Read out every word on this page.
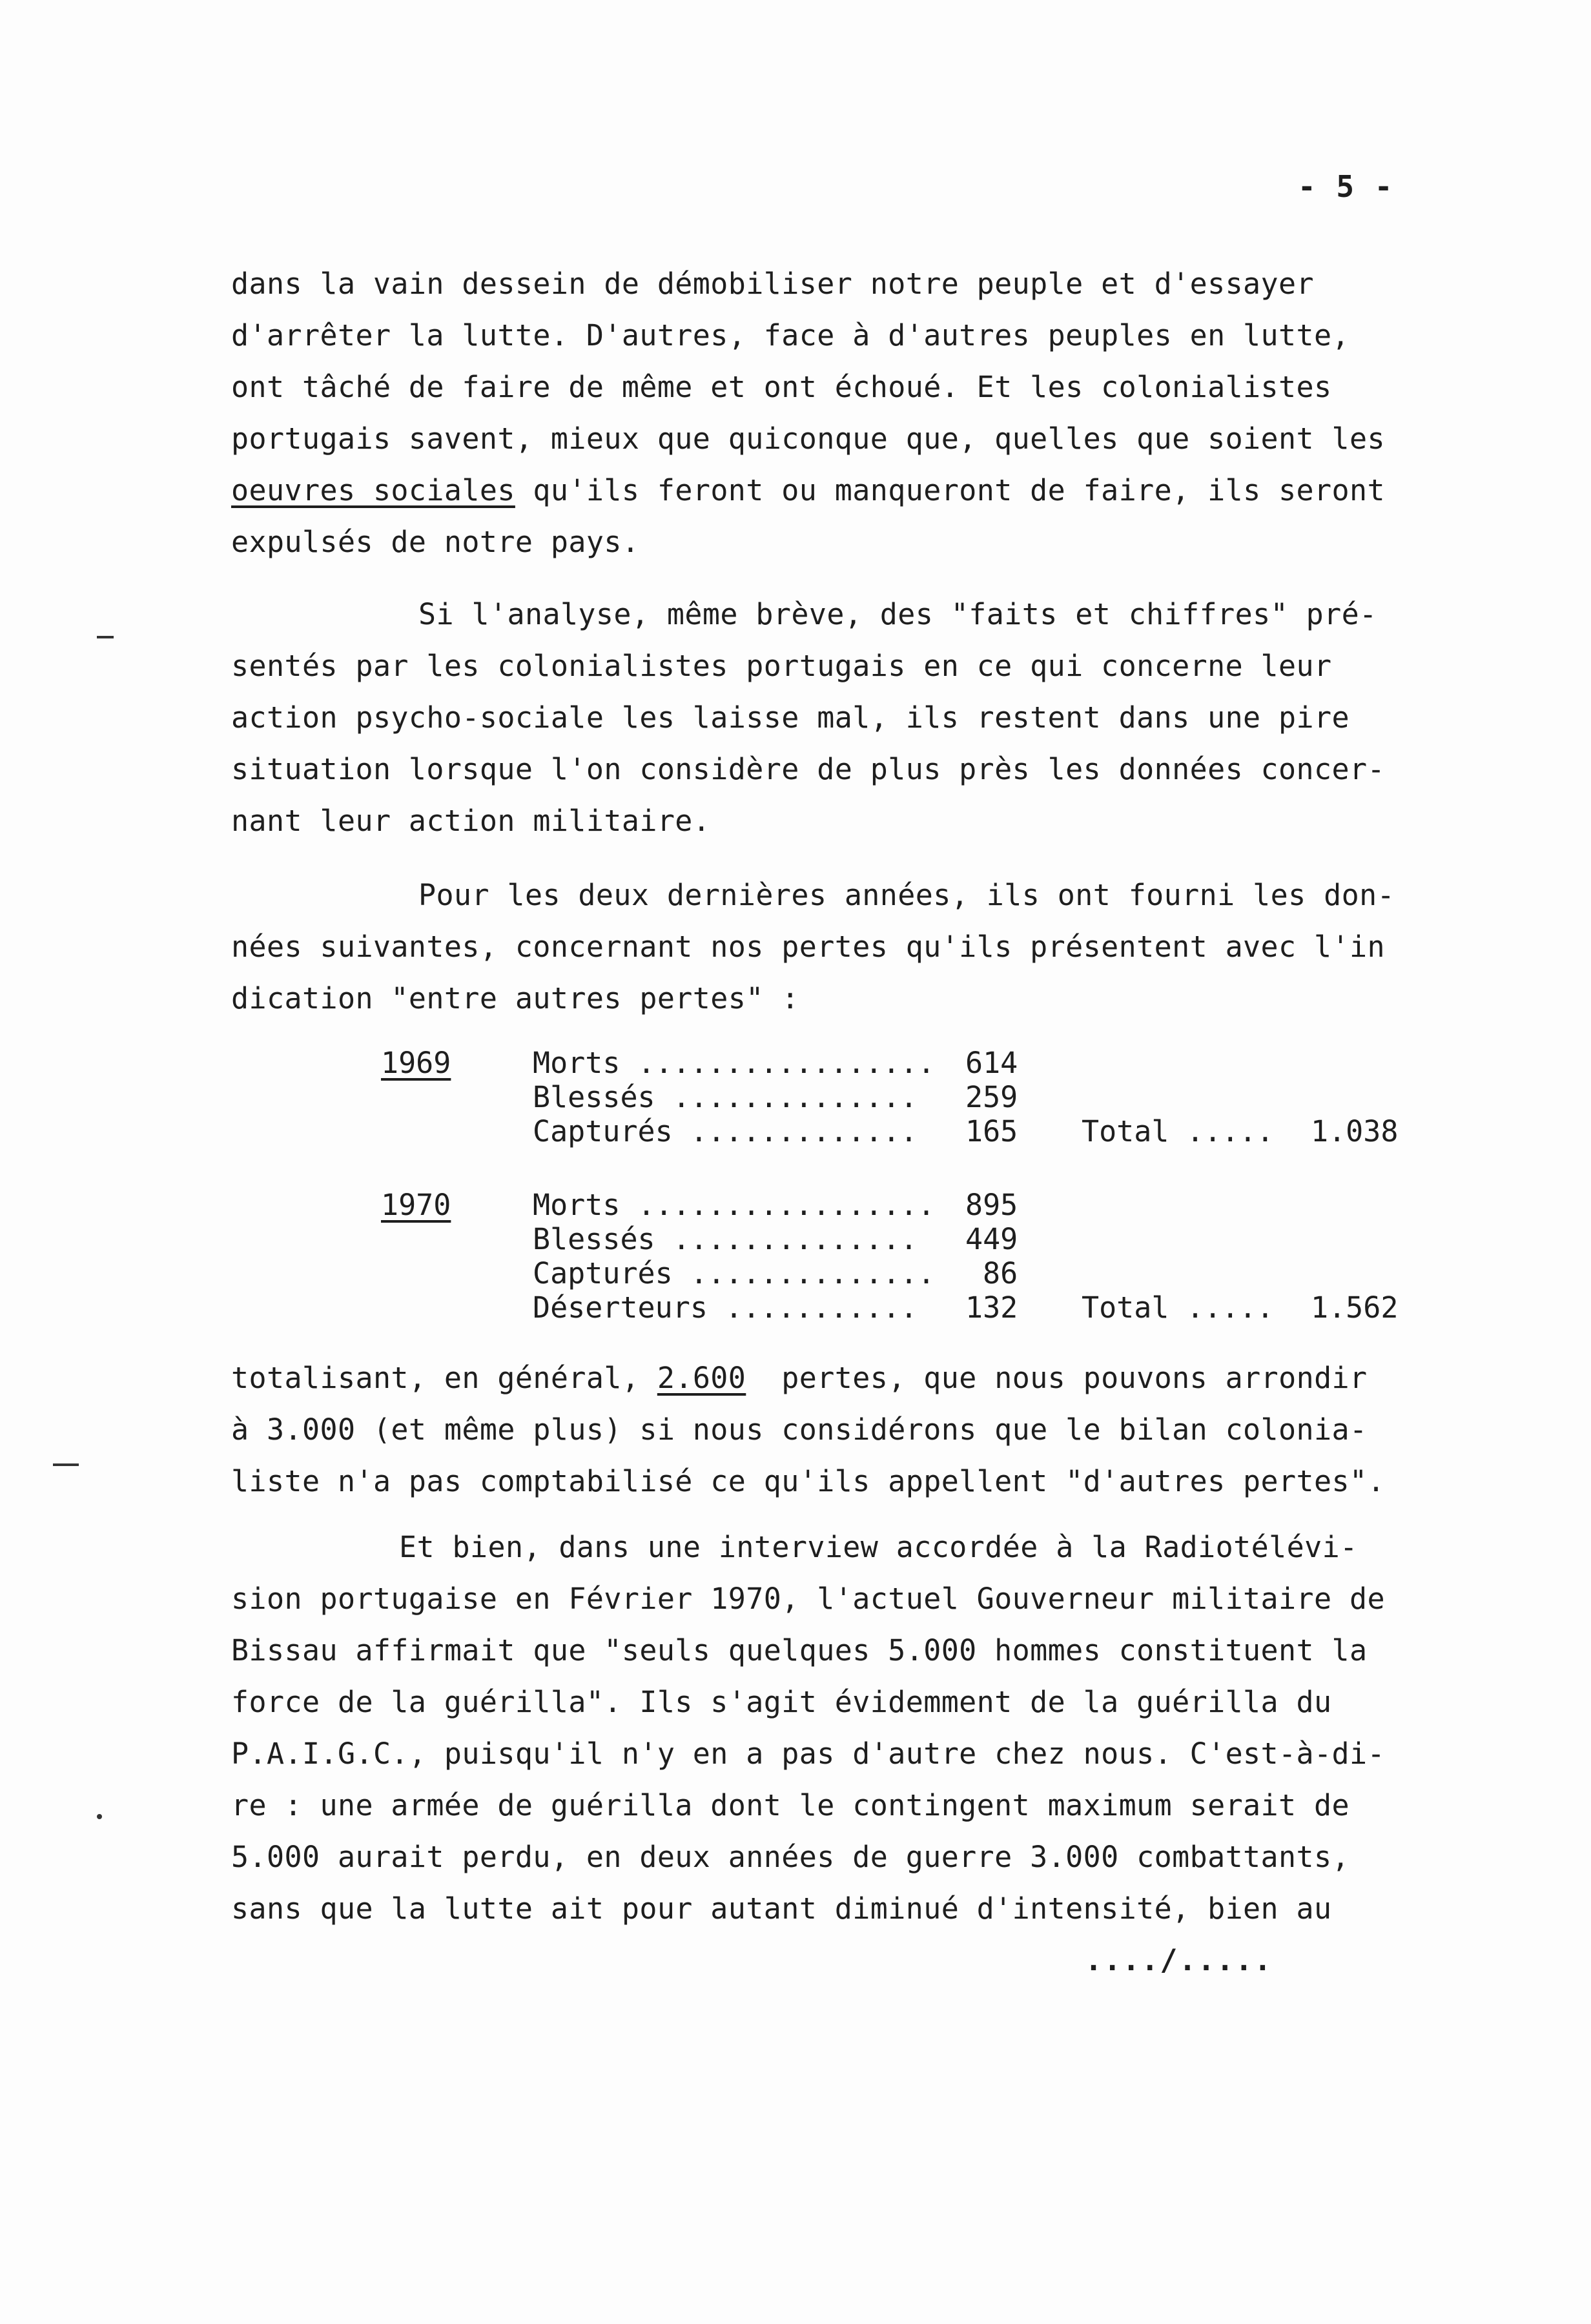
- 5 -
dans la vain dessein de démobiliser notre peuple et d'essayer
d'arrêter la lutte. D'autres, face à d'autres peuples en lutte,
ont tâché de faire de même et ont échoué. Et les colonialistes
portugais savent, mieux que quiconque que, quelles que soient les
oeuvres sociales qu'ils feront ou manqueront de faire, ils seront
expulsés de notre pays.
Si l'analyse, même brève, des "faits et chiffres" pré-
sentés par les colonialistes portugais en ce qui concerne leur
action psycho-sociale les laisse mal, ils restent dans une pire
situation lorsque l'on considère de plus près les données concer-
nant leur action militaire.
Pour les deux dernières années, ils ont fourni les don-
nées suivantes, concernant nos pertes qu'ils présentent avec l'in
dication "entre autres pertes" :

1969

	Morts .................

614

Blessés ..............

259

Capturés .............

165

Total .....

1.038

1970

	Morts .................

895

Blessés ..............

449

Capturés ..............

86

Déserteurs ...........

132

Total .....

1.562

totalisant, en général, 2.600 pertes, que nous pouvons arrondir
à 3.000 (et même plus) si nous considérons que le bilan colonia-
liste n'a pas comptabilisé ce qu'ils appellent "d'autres pertes".
Et bien, dans une interview accordée à la Radiotélévi-
sion portugaise en Février 1970, l'actuel Gouverneur militaire de
Bissau affirmait que "seuls quelques 5.000 hommes constituent la
force de la guérilla". Ils s'agit évidemment de la guérilla du
P.A.I.G.C., puisqu'il n'y en a pas d'autre chez nous. C'est-à-di-
re : une armée de guérilla dont le contingent maximum serait de
5.000 aurait perdu, en deux années de guerre 3.000 combattants,
sans que la lutte ait pour autant diminué d'intensité, bien au
..../.....
